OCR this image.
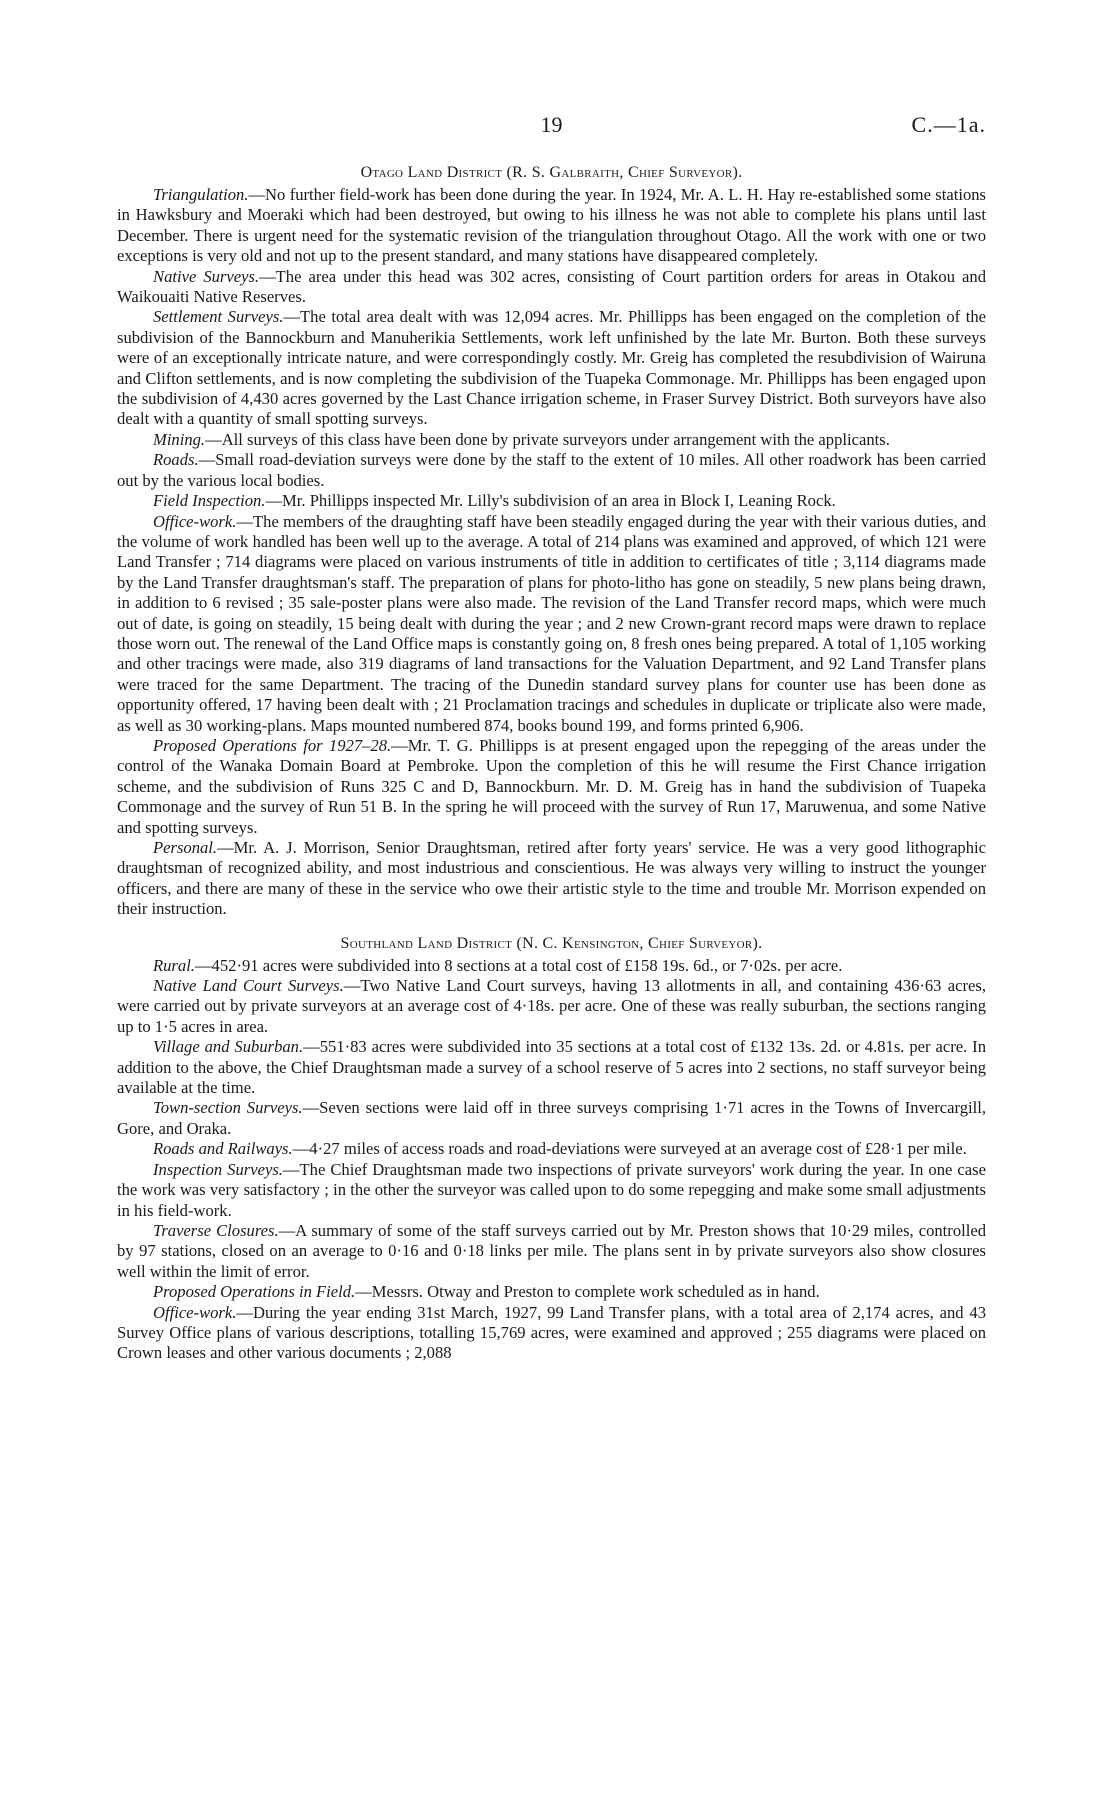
19	C.—1a.
Otago Land District (R. S. Galbraith, Chief Surveyor).

Triangulation.—No further field-work has been done during the year. In 1924, Mr. A. L. H. Hay re-established some stations in Hawksbury and Moeraki which had been destroyed, but owing to his illness he was not able to complete his plans until last December. There is urgent need for the systematic revision of the triangulation throughout Otago. All the work with one or two exceptions is very old and not up to the present standard, and many stations have disappeared completely.

Native Surveys.—The area under this head was 302 acres, consisting of Court partition orders for areas in Otakou and Waikouaiti Native Reserves.

Settlement Surveys.—The total area dealt with was 12,094 acres. Mr. Phillipps has been engaged on the completion of the subdivision of the Bannockburn and Manuherikia Settlements, work left unfinished by the late Mr. Burton. Both these surveys were of an exceptionally intricate nature, and were correspondingly costly. Mr. Greig has completed the resubdivision of Wairuna and Clifton settlements, and is now completing the subdivision of the Tuapeka Commonage. Mr. Phillipps has been engaged upon the subdivision of 4,430 acres governed by the Last Chance irrigation scheme, in Fraser Survey District. Both surveyors have also dealt with a quantity of small spotting surveys.

Mining.—All surveys of this class have been done by private surveyors under arrangement with the applicants.

Roads.—Small road-deviation surveys were done by the staff to the extent of 10 miles. All other roadwork has been carried out by the various local bodies.

Field Inspection.—Mr. Phillipps inspected Mr. Lilly's subdivision of an area in Block I, Leaning Rock.

Office-work.—The members of the draughting staff have been steadily engaged during the year with their various duties, and the volume of work handled has been well up to the average. A total of 214 plans was examined and approved, of which 121 were Land Transfer ; 714 diagrams were placed on various instruments of title in addition to certificates of title ; 3,114 diagrams made by the Land Transfer draughtsman's staff. The preparation of plans for photo-litho has gone on steadily, 5 new plans being drawn, in addition to 6 revised ; 35 sale-poster plans were also made. The revision of the Land Transfer record maps, which were much out of date, is going on steadily, 15 being dealt with during the year ; and 2 new Crown-grant record maps were drawn to replace those worn out. The renewal of the Land Office maps is constantly going on, 8 fresh ones being prepared. A total of 1,105 working and other tracings were made, also 319 diagrams of land transactions for the Valuation Department, and 92 Land Transfer plans were traced for the same Department. The tracing of the Dunedin standard survey plans for counter use has been done as opportunity offered, 17 having been dealt with ; 21 Proclamation tracings and schedules in duplicate or triplicate also were made, as well as 30 working-plans. Maps mounted numbered 874, books bound 199, and forms printed 6,906.

Proposed Operations for 1927–28.—Mr. T. G. Phillipps is at present engaged upon the repegging of the areas under the control of the Wanaka Domain Board at Pembroke. Upon the completion of this he will resume the First Chance irrigation scheme, and the subdivision of Runs 325 C and D, Bannockburn. Mr. D. M. Greig has in hand the subdivision of Tuapeka Commonage and the survey of Run 51 B. In the spring he will proceed with the survey of Run 17, Maruwenua, and some Native and spotting surveys.

Personal.—Mr. A. J. Morrison, Senior Draughtsman, retired after forty years' service. He was a very good lithographic draughtsman of recognized ability, and most industrious and conscientious. He was always very willing to instruct the younger officers, and there are many of these in the service who owe their artistic style to the time and trouble Mr. Morrison expended on their instruction.

Southland Land District (N. C. Kensington, Chief Surveyor).

Rural.—452·91 acres were subdivided into 8 sections at a total cost of £158 19s. 6d., or 7·02s. per acre.

Native Land Court Surveys.—Two Native Land Court surveys, having 13 allotments in all, and containing 436·63 acres, were carried out by private surveyors at an average cost of 4·18s. per acre. One of these was really suburban, the sections ranging up to 1·5 acres in area.

Village and Suburban.—551·83 acres were subdivided into 35 sections at a total cost of £132 13s. 2d. or 4.81s. per acre. In addition to the above, the Chief Draughtsman made a survey of a school reserve of 5 acres into 2 sections, no staff surveyor being available at the time.

Town-section Surveys.—Seven sections were laid off in three surveys comprising 1·71 acres in the Towns of Invercargill, Gore, and Oraka.

Roads and Railways.—4·27 miles of access roads and road-deviations were surveyed at an average cost of £28·1 per mile.

Inspection Surveys.—The Chief Draughtsman made two inspections of private surveyors' work during the year. In one case the work was very satisfactory ; in the other the surveyor was called upon to do some repegging and make some small adjustments in his field-work.

Traverse Closures.—A summary of some of the staff surveys carried out by Mr. Preston shows that 10·29 miles, controlled by 97 stations, closed on an average to 0·16 and 0·18 links per mile. The plans sent in by private surveyors also show closures well within the limit of error.

Proposed Operations in Field.—Messrs. Otway and Preston to complete work scheduled as in hand.

Office-work.—During the year ending 31st March, 1927, 99 Land Transfer plans, with a total area of 2,174 acres, and 43 Survey Office plans of various descriptions, totalling 15,769 acres, were examined and approved ; 255 diagrams were placed on Crown leases and other various documents ; 2,088
